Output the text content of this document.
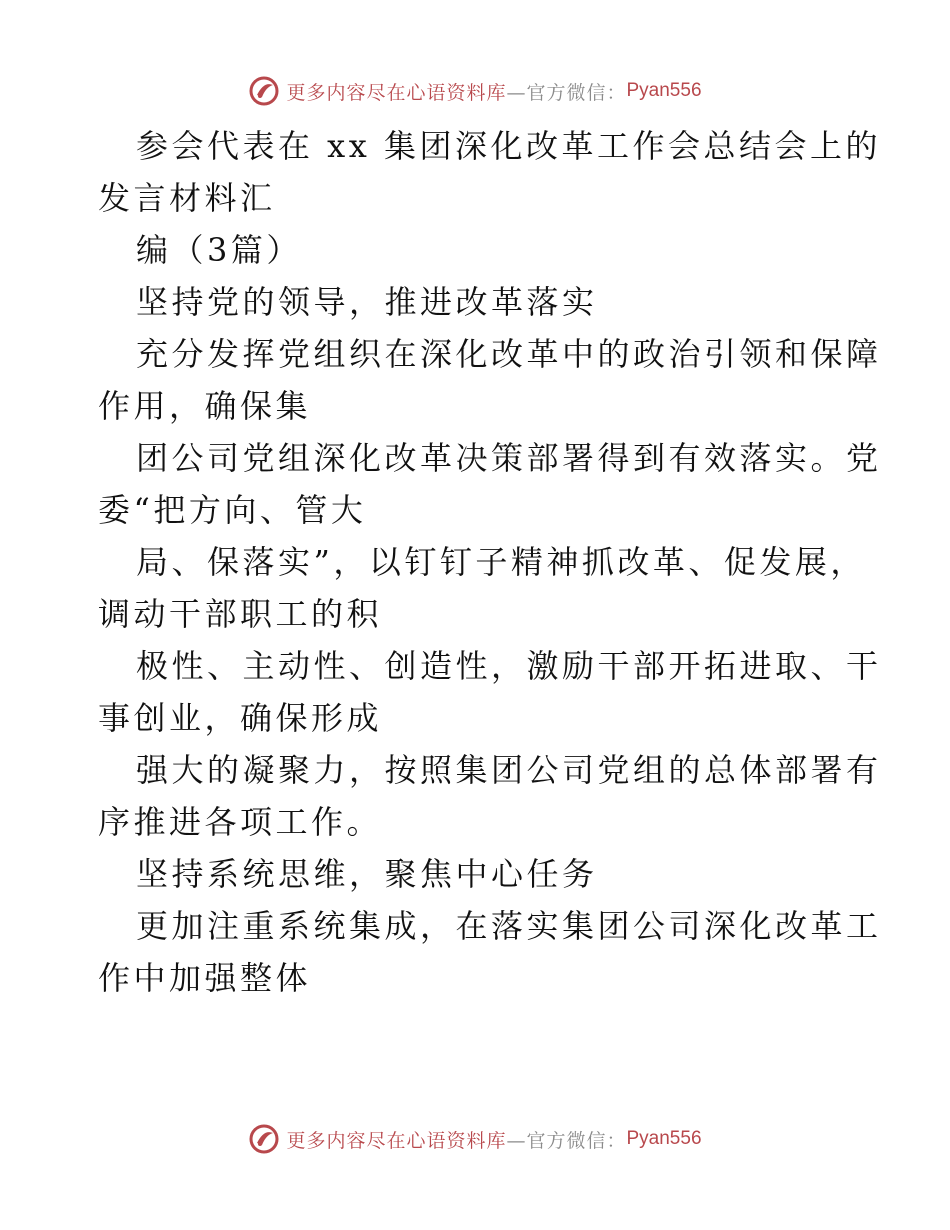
更多内容尽在心语资料库 —官方微信： Pyan556
参会代表在 xx 集团深化改革工作会总结会上的
发言材料汇
编（3篇）
坚持党的领导，推进改革落实
充分发挥党组织在深化改革中的政治引领和保障
作用，确保集
团公司党组深化改革决策部署得到有效落实。党
委“把方向、管大
局、保落实”，以钉钉子精神抓改革、促发展，
调动干部职工的积
极性、主动性、创造性，激励干部开拓进取、干
事创业，确保形成
强大的凝聚力，按照集团公司党组的总体部署有
序推进各项工作。
坚持系统思维，聚焦中心任务
更加注重系统集成，在落实集团公司深化改革工
作中加强整体
更多内容尽在心语资料库 —官方微信： Pyan556
